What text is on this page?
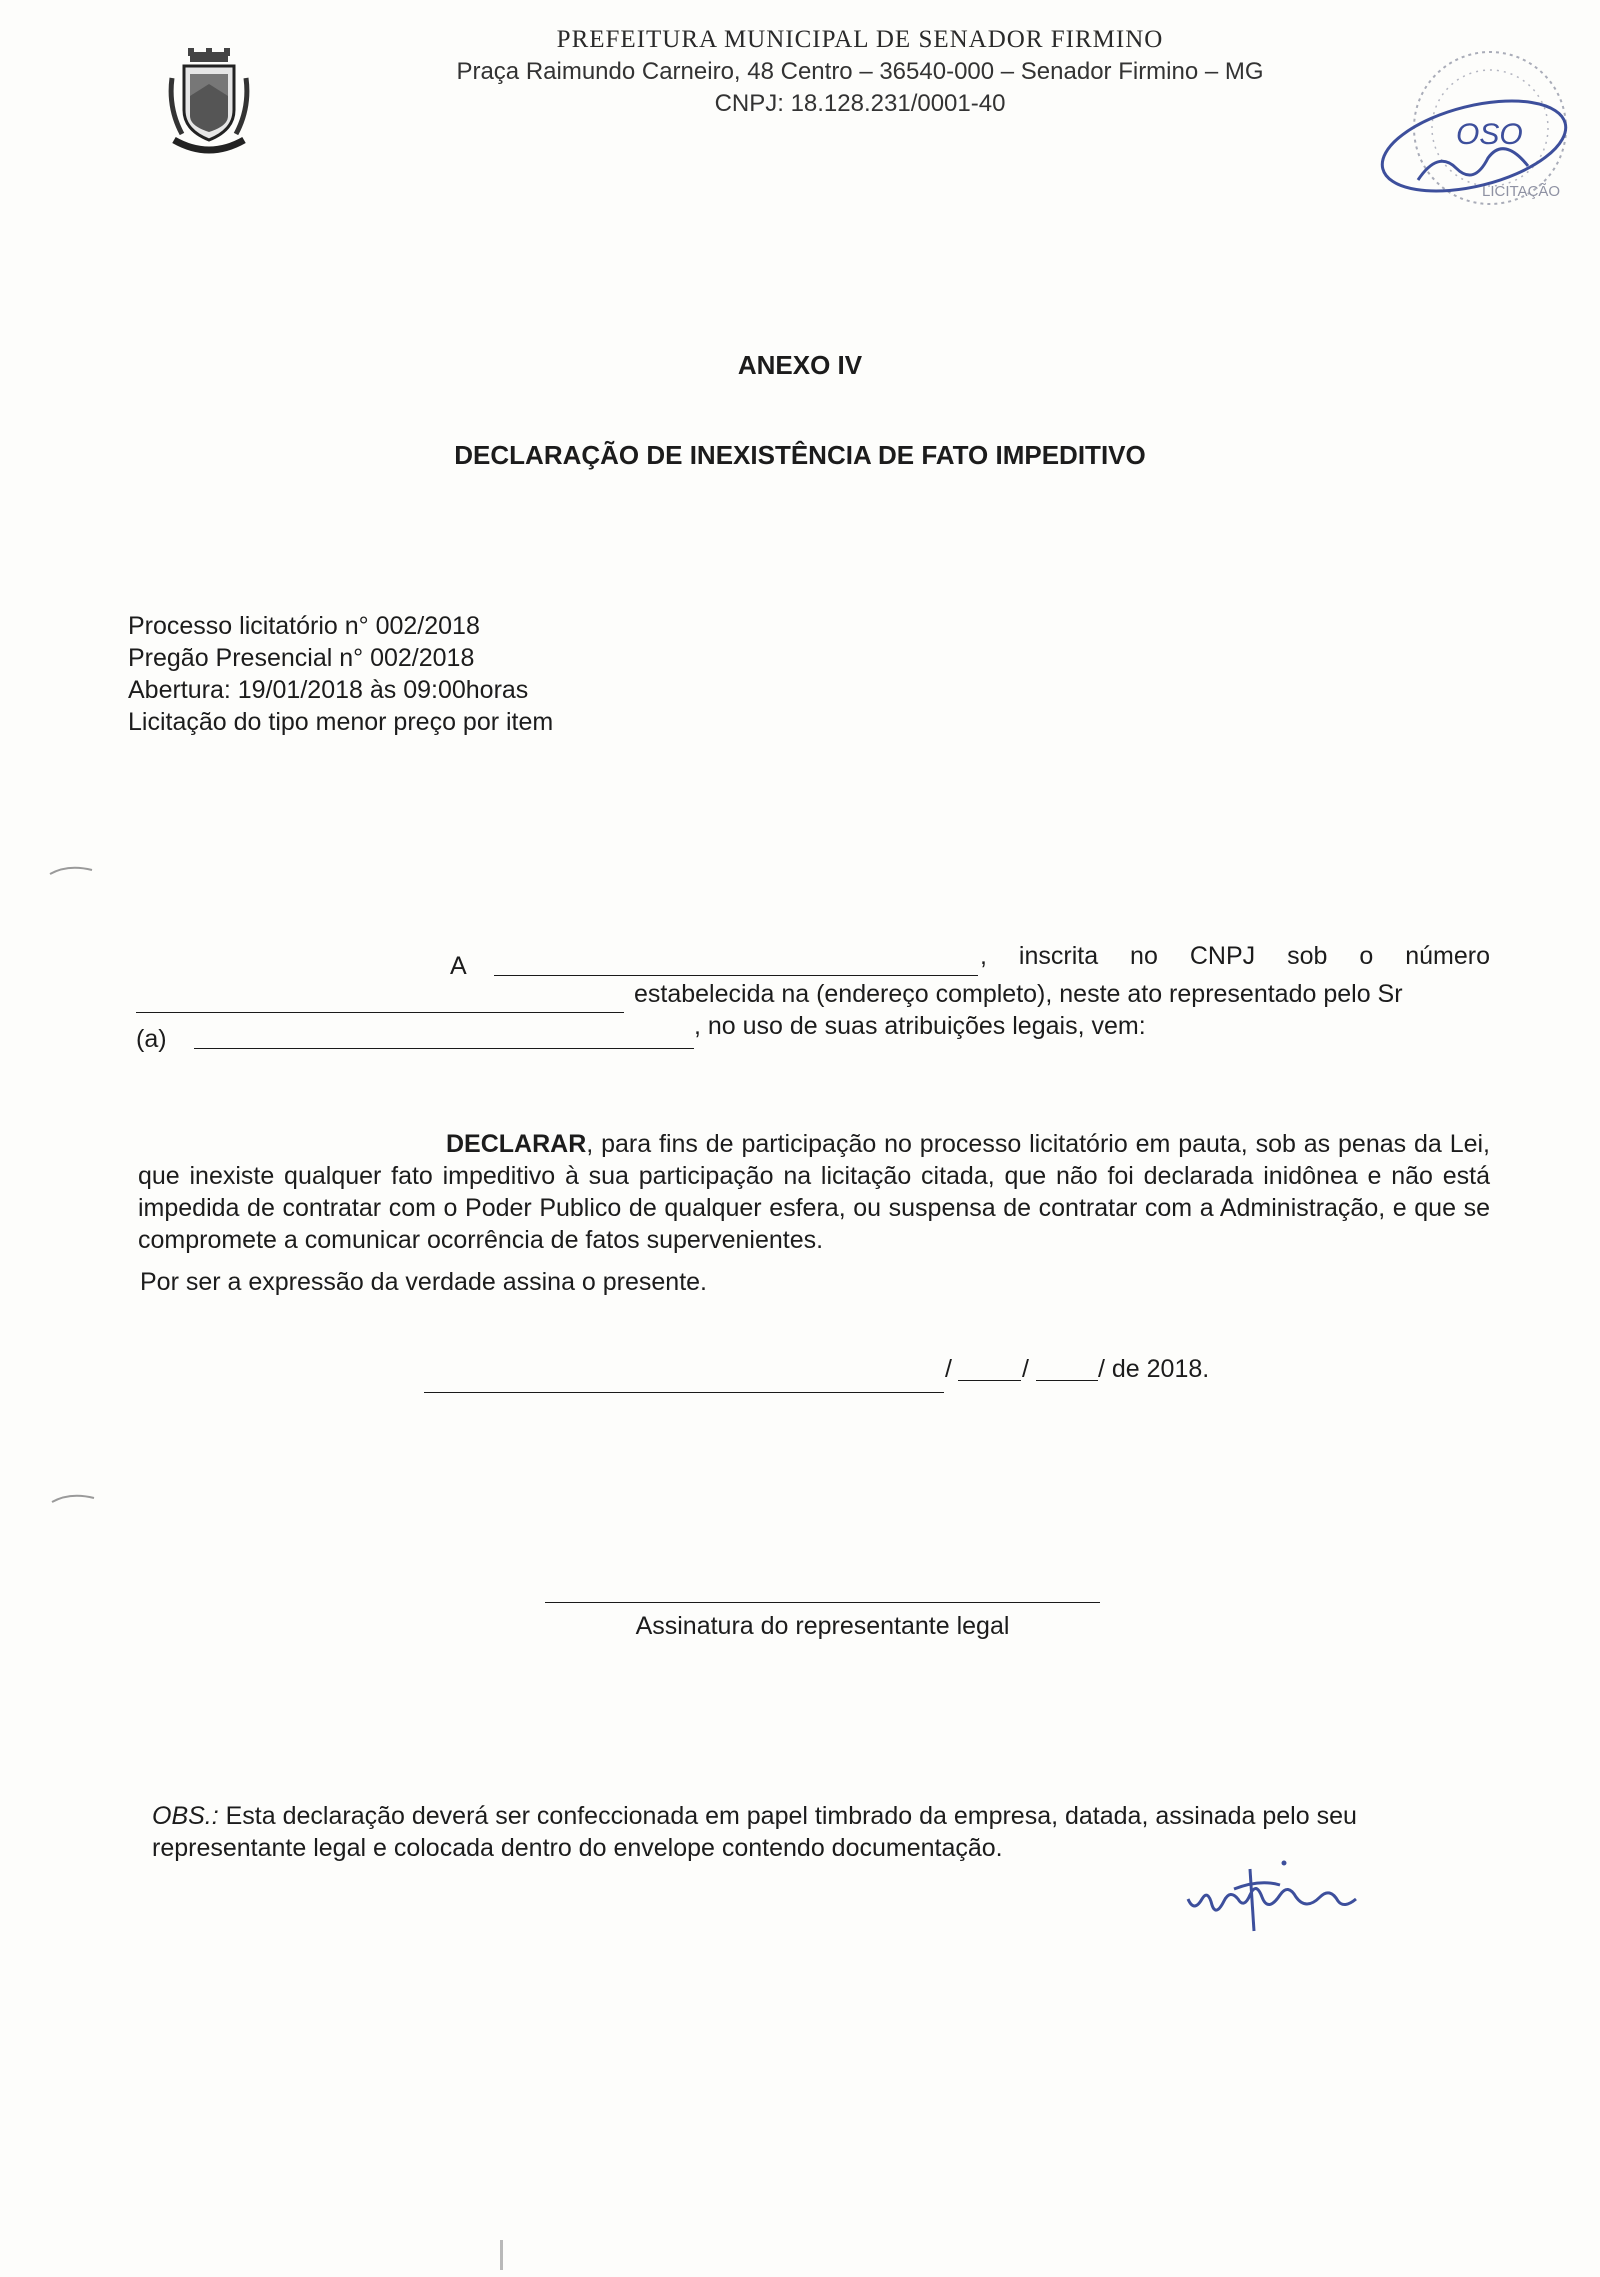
PREFEITURA MUNICIPAL DE SENADOR FIRMINO
Praça Raimundo Carneiro, 48 Centro – 36540-000 – Senador Firmino – MG
CNPJ: 18.128.231/0001-40
OSO
LICITAÇÃO
ANEXO IV
DECLARAÇÃO DE INEXISTÊNCIA DE FATO IMPEDITIVO
Processo licitatório n° 002/2018
Pregão Presencial n° 002/2018
Abertura: 19/01/2018 às 09:00horas
Licitação do tipo menor preço por item
A	, inscrita no CNPJ sob o número
estabelecida na (endereço completo), neste ato representado pelo Sr
(a)	, no uso de suas atribuições legais, vem:
DECLARAR, para fins de participação no processo licitatório em pauta, sob as penas da Lei, que inexiste qualquer fato impeditivo à sua participação na licitação citada, que não foi declarada inidônea e não está impedida de contratar com o Poder Publico de qualquer esfera, ou suspensa de contratar com a Administração, e que se compromete a comunicar ocorrência de fatos supervenientes.
Por ser a expressão da verdade assina o presente.
/	/	/ de 2018.
Assinatura do representante legal
OBS.: Esta declaração deverá ser confeccionada em papel timbrado da empresa, datada, assinada pelo seu representante legal e colocada dentro do envelope contendo documentação.
